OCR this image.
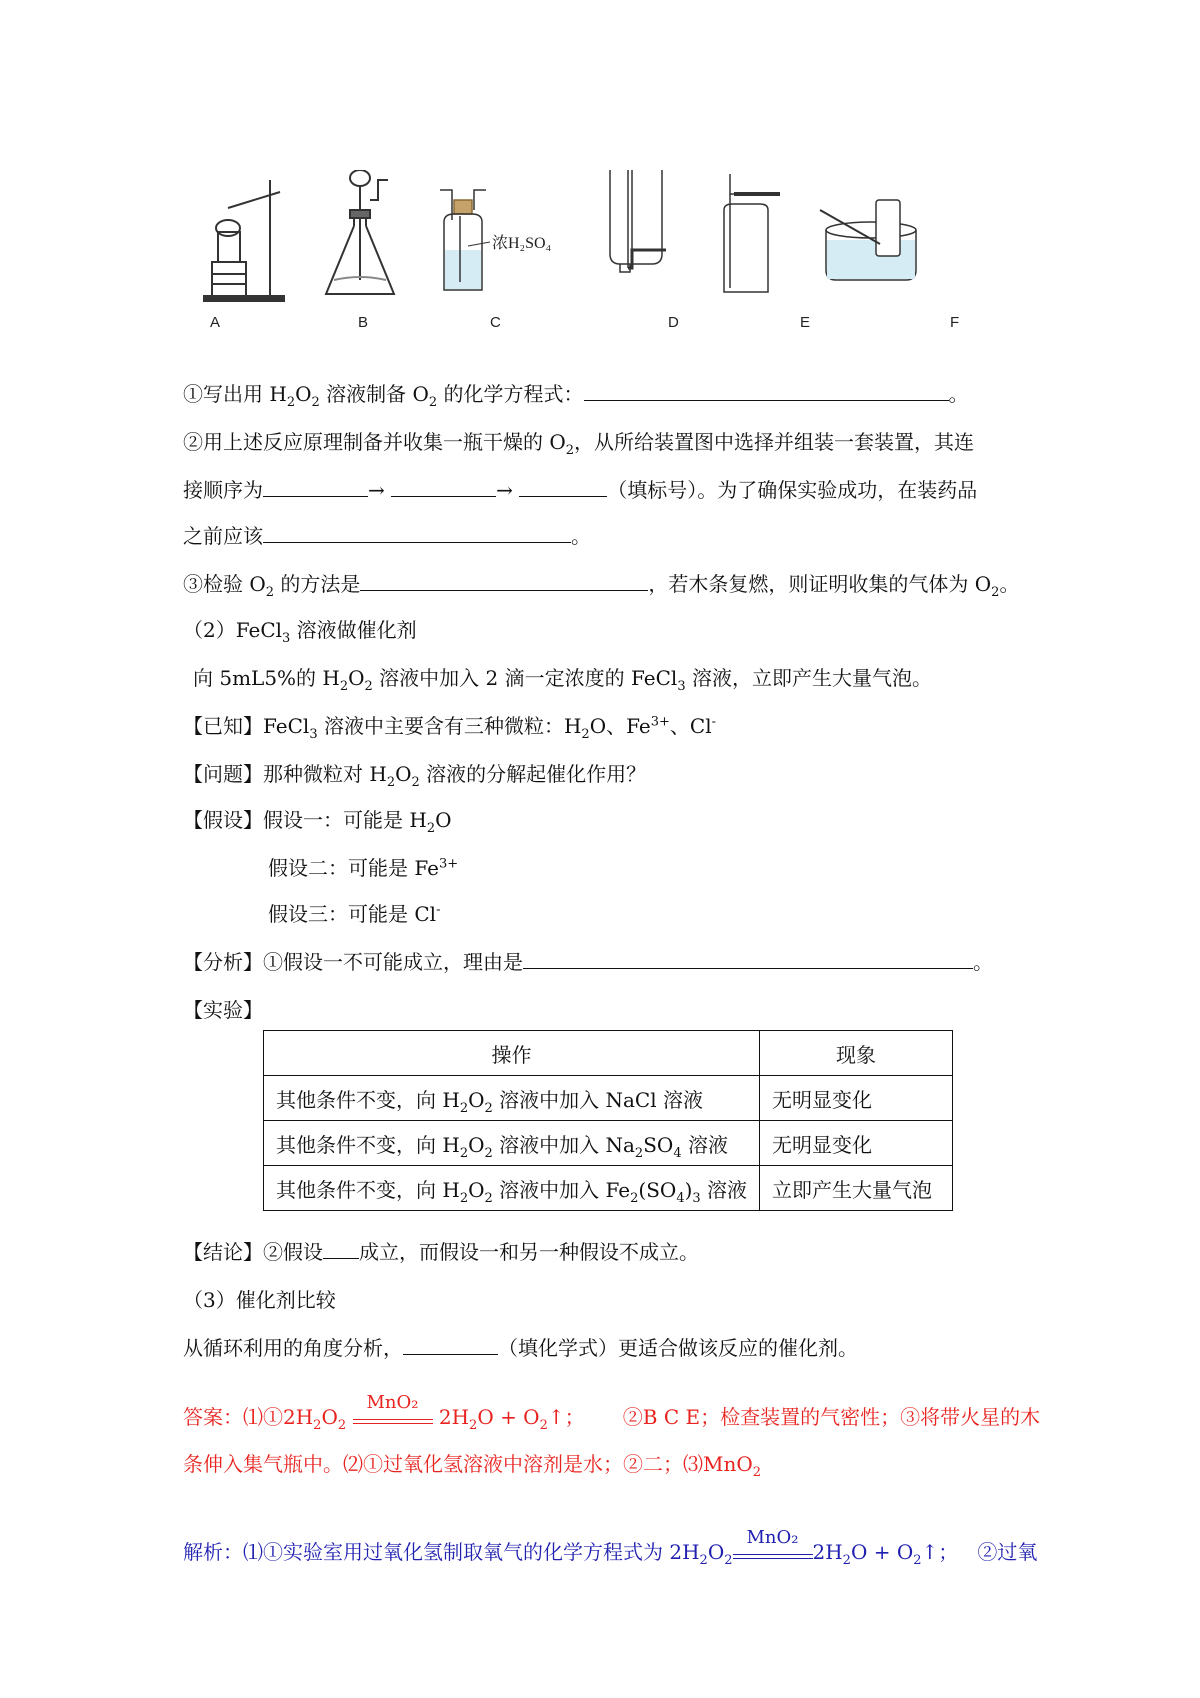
浓H₂SO₄
A	B	C	D	E	F
①写出用 $H_2O_2$ 溶液制备 $O_2$ 的化学方程式：	。
②用上述反应原理制备并收集一瓶干燥的 $O_2$，从所给装置图中选择并组装一套装置，其连
接顺序为	→	→	（填标号）。为了确保实验成功，在装药品
之前应该	。
③检验 $O_2$ 的方法是	，若木条复燃，则证明收集的气体为 $O_2$。
（2）FeCl$_3$ 溶液做催化剂
向 5mL5%的 $H_2O_2$ 溶液中加入 2 滴一定浓度的 FeCl$_3$ 溶液，立即产生大量气泡。
【已知】FeCl$_3$ 溶液中主要含有三种微粒：$H_2O$、$Fe^{3+}$、Cl-
【问题】那种微粒对 $H_2O_2$ 溶液的分解起催化作用？
【假设】假设一：可能是 $H_2O$
假设二：可能是 $Fe^{3+}$
假设三：可能是 Cl-
【分析】①假设一不可能成立，理由是	。
【实验】
操作	现象
其他条件不变，向 $H_2O_2$ 溶液中加入 NaCl 溶液	无明显变化
其他条件不变，向 $H_2O_2$ 溶液中加入 $Na_2SO_4$ 溶液	无明显变化
其他条件不变，向 $H_2O_2$ 溶液中加入 $Fe_2(SO_4)_3$ 溶液	立即产生大量气泡
【结论】②假设 成立，而假设一和另一种假设不成立。
（3）催化剂比较
从循环利用的角度分析，	（填化学式）更适合做该反应的催化剂。
答案：$⑴①2H_2O_2$
MnO₂
$2H_2O$ + $O_2↑$； ②B C E；检查装置的气密性；③将带火星的木
条伸入集气瓶中。⑵①过氧化氢溶液中溶剂是水；②二；⑶MnO$_2$
解析：⑴①实验室用过氧化氢制取氧气的化学方程式为 $2H_2O_2$
MnO₂
$2H_2O$ + $O_2↑$； ②过氧
